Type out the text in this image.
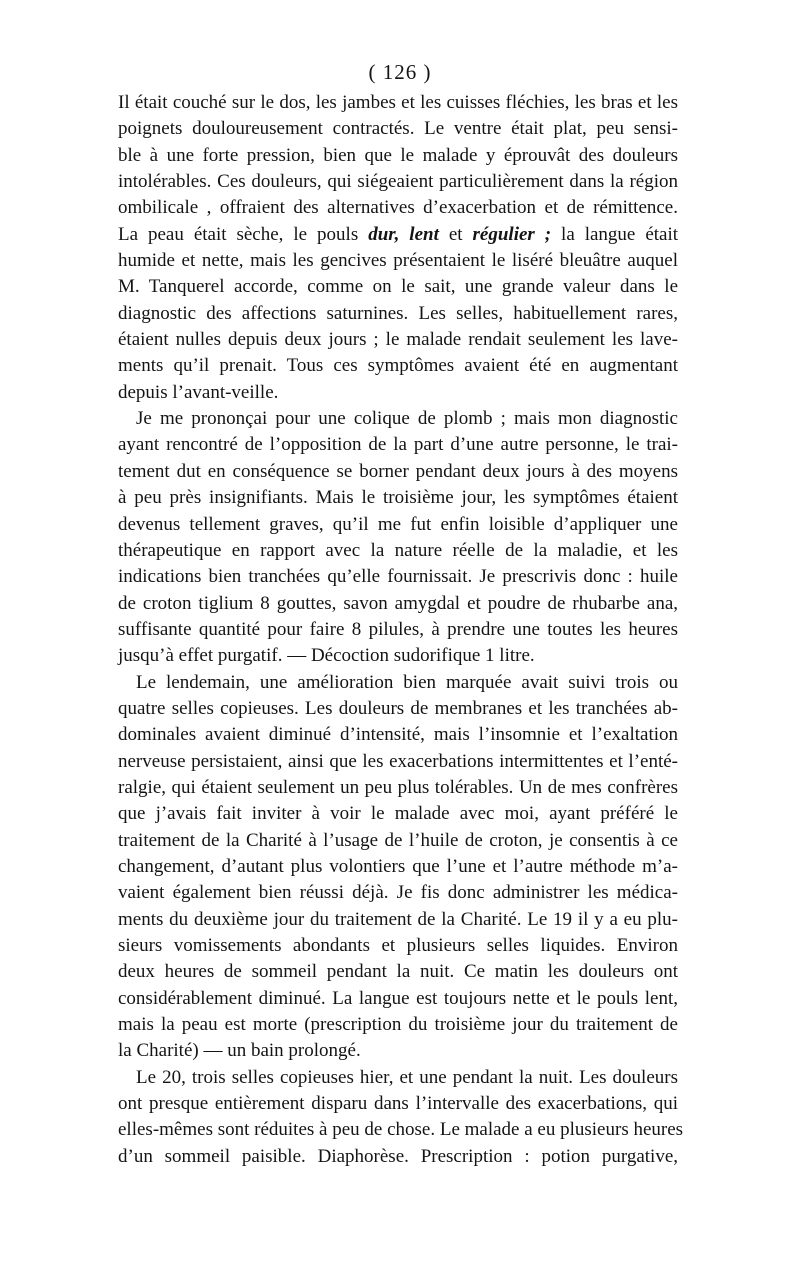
( 126 )
Il était couché sur le dos, les jambes et les cuisses fléchies, les bras et les
poignets douloureusement contractés. Le ventre était plat, peu sensi-
ble à une forte pression, bien que le malade y éprouvât des douleurs
intolérables. Ces douleurs, qui siégeaient particulièrement dans la région
ombilicale , offraient des alternatives d’exacerbation et de rémittence.
La peau était sèche, le pouls dur, lent et régulier ; la langue était
humide et nette, mais les gencives présentaient le liséré bleuâtre auquel
M. Tanquerel accorde, comme on le sait, une grande valeur dans le
diagnostic des affections saturnines. Les selles, habituellement rares,
étaient nulles depuis deux jours ; le malade rendait seulement les lave-
ments qu’il prenait. Tous ces symptômes avaient été en augmentant
depuis l’avant-veille.
Je me prononçai pour une colique de plomb ; mais mon diagnostic
ayant rencontré de l’opposition de la part d’une autre personne, le trai-
tement dut en conséquence se borner pendant deux jours à des moyens
à peu près insignifiants. Mais le troisième jour, les symptômes étaient
devenus tellement graves, qu’il me fut enfin loisible d’appliquer une
thérapeutique en rapport avec la nature réelle de la maladie, et les
indications bien tranchées qu’elle fournissait. Je prescrivis donc : huile
de croton tiglium 8 gouttes, savon amygdal et poudre de rhubarbe ana,
suffisante quantité pour faire 8 pilules, à prendre une toutes les heures
jusqu’à effet purgatif. — Décoction sudorifique 1 litre.
Le lendemain, une amélioration bien marquée avait suivi trois ou
quatre selles copieuses. Les douleurs de membranes et les tranchées ab-
dominales avaient diminué d’intensité, mais l’insomnie et l’exaltation
nerveuse persistaient, ainsi que les exacerbations intermittentes et l’enté-
ralgie, qui étaient seulement un peu plus tolérables. Un de mes confrères
que j’avais fait inviter à voir le malade avec moi, ayant préféré le
traitement de la Charité à l’usage de l’huile de croton, je consentis à ce
changement, d’autant plus volontiers que l’une et l’autre méthode m’a-
vaient également bien réussi déjà. Je fis donc administrer les médica-
ments du deuxième jour du traitement de la Charité. Le 19 il y a eu plu-
sieurs vomissements abondants et plusieurs selles liquides. Environ
deux heures de sommeil pendant la nuit. Ce matin les douleurs ont
considérablement diminué. La langue est toujours nette et le pouls lent,
mais la peau est morte (prescription du troisième jour du traitement de
la Charité) — un bain prolongé.
Le 20, trois selles copieuses hier, et une pendant la nuit. Les douleurs
ont presque entièrement disparu dans l’intervalle des exacerbations, qui
elles-mêmes sont réduites à peu de chose. Le malade a eu plusieurs heures
d’un sommeil paisible. Diaphorèse. Prescription : potion purgative,
